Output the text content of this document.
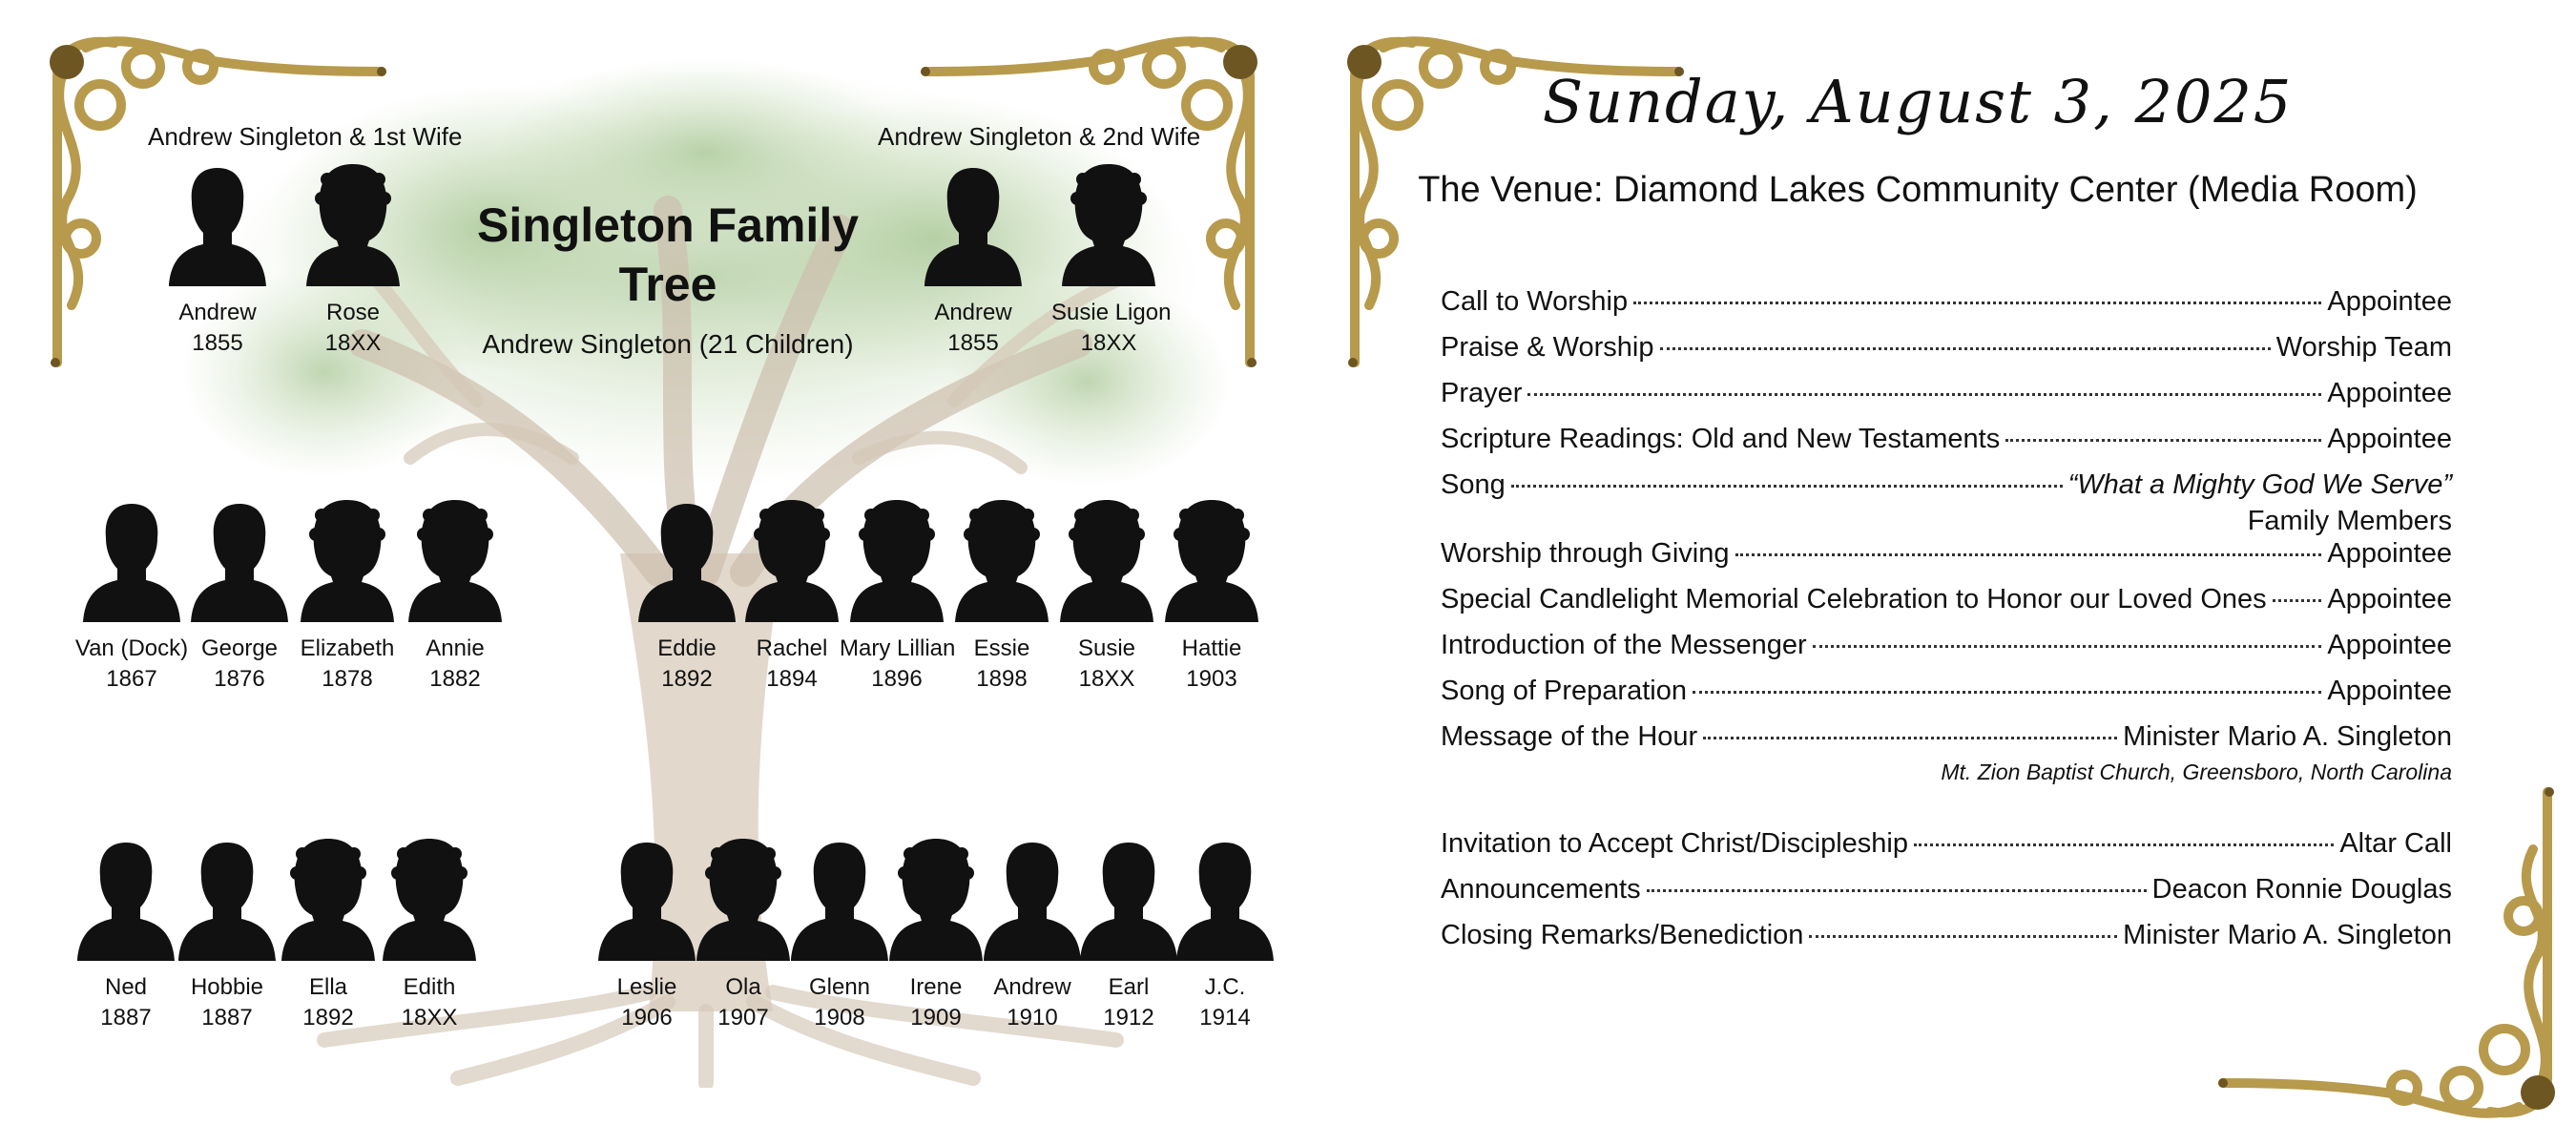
Andrew Singleton & 1st Wife	Andrew Singleton & 2nd Wife
Singleton Family Tree
Andrew Singleton (21 Children)
Andrew
1855
Rose
18XX
Andrew
1855
Susie Ligon
18XX
Van (Dock)
1867
George
1876
Elizabeth
1878
Annie
1882
Eddie
1892
Rachel
1894
Mary Lillian
1896
Essie
1898
Susie
18XX
Hattie
1903
Ned
1887
Hobbie
1887
Ella
1892
Edith
18XX
Leslie
1906
Ola
1907
Glenn
1908
Irene
1909
Andrew
1910
Earl
1912
J.C.
1914
Sunday, August 3, 2025
The Venue: Diamond Lakes Community Center (Media Room)
Call to Worship	Appointee
Praise & Worship	Worship Team
Prayer	Appointee
Scripture Readings: Old and New Testaments	Appointee
Song	“What a Mighty God We Serve”
Family Members
Worship through Giving	Appointee
Special Candlelight Memorial Celebration to Honor our Loved Ones Appointee
Introduction of the Messenger	Appointee
Song of Preparation	Appointee
Message of the Hour	Minister Mario A. Singleton
Mt. Zion Baptist Church, Greensboro, North Carolina
Invitation to Accept Christ/Discipleship	Altar Call
Announcements	Deacon Ronnie Douglas
Closing Remarks/Benediction	Minister Mario A. Singleton
